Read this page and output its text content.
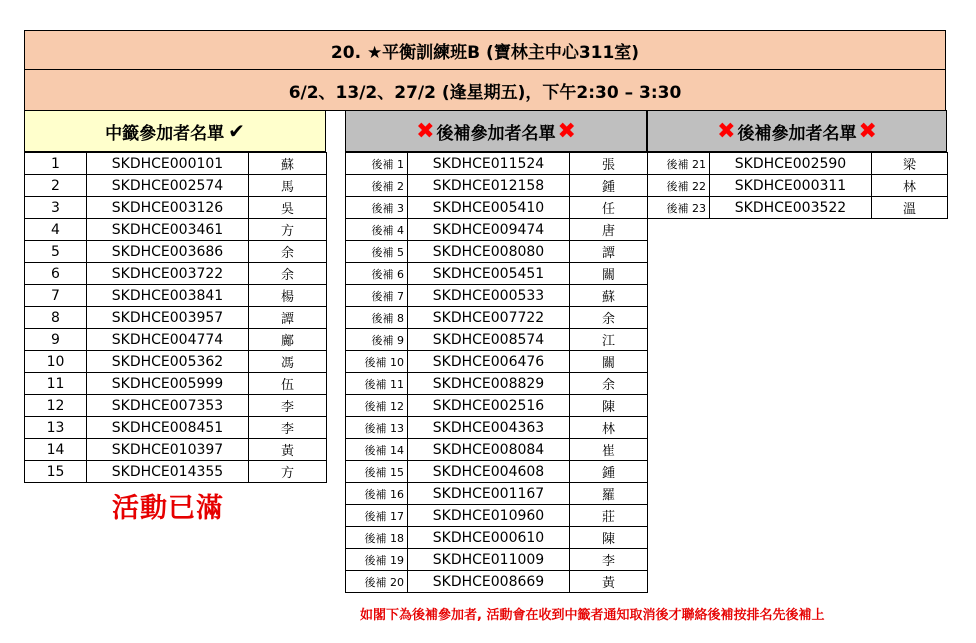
20. ★平衡訓練班B (寶林主中心311室)
6/2、13/2、27/2 (逢星期五)，下午2:30 – 3:30
中籤參加者名單 ✔	✖ 後補參加者名單 ✖	✖ 後補參加者名單 ✖
1	SKDHCE000101	蘇
2	SKDHCE002574	馬
3	SKDHCE003126	吳
4	SKDHCE003461	方
5	SKDHCE003686	余
6	SKDHCE003722	余
7	SKDHCE003841	楊
8	SKDHCE003957	譚
9	SKDHCE004774	鄺
10	SKDHCE005362	馮
11	SKDHCE005999	伍
12	SKDHCE007353	李
13	SKDHCE008451	李
14	SKDHCE010397	黃
15	SKDHCE014355	方
後補 1	SKDHCE011524	張
後補 2	SKDHCE012158	鍾
後補 3	SKDHCE005410	任
後補 4	SKDHCE009474	唐
後補 5	SKDHCE008080	譚
後補 6	SKDHCE005451	關
後補 7	SKDHCE000533	蘇
後補 8	SKDHCE007722	余
後補 9	SKDHCE008574	江
後補 10	SKDHCE006476	關
後補 11	SKDHCE008829	余
後補 12	SKDHCE002516	陳
後補 13	SKDHCE004363	林
後補 14	SKDHCE008084	崔
後補 15	SKDHCE004608	鍾
後補 16	SKDHCE001167	羅
後補 17	SKDHCE010960	莊
後補 18	SKDHCE000610	陳
後補 19	SKDHCE011009	李
後補 20	SKDHCE008669	黃
後補 21	SKDHCE002590	梁
後補 22	SKDHCE000311	林
後補 23	SKDHCE003522	溫
活動已滿
如閣下為後補參加者, 活動會在收到中籤者通知取消後才聯絡後補按排名先後補上
